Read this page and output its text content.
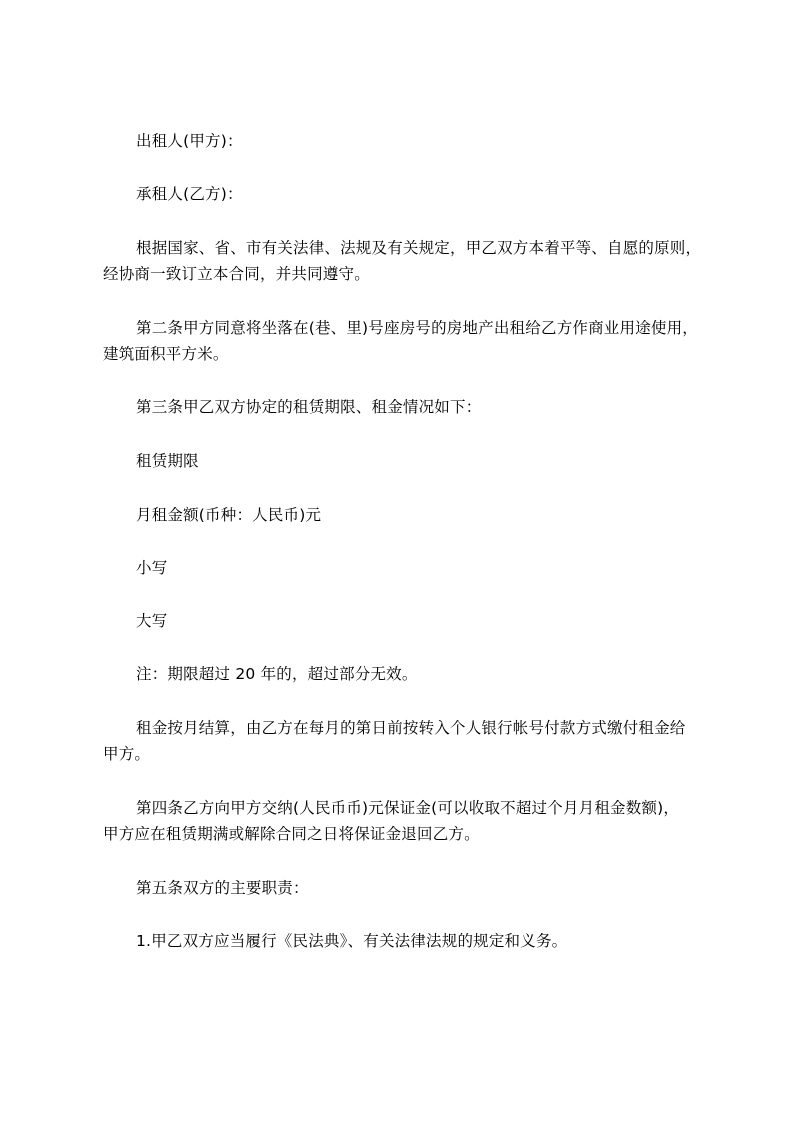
出租人(甲方)：
承租人(乙方)：
根据国家、省、市有关法律、法规及有关规定，甲乙双方本着平等、自愿的原则，
经协商一致订立本合同，并共同遵守。
第二条甲方同意将坐落在(巷、里)号座房号的房地产出租给乙方作商业用途使用，
建筑面积平方米。
第三条甲乙双方协定的租赁期限、租金情况如下：
租赁期限
月租金额(币种：人民币)元
小写
大写
注：期限超过 20 年的，超过部分无效。
租金按月结算，由乙方在每月的第日前按转入个人银行帐号付款方式缴付租金给
甲方。
第四条乙方向甲方交纳(人民币币)元保证金(可以收取不超过个月月租金数额)，
甲方应在租赁期满或解除合同之日将保证金退回乙方。
第五条双方的主要职责：
1.甲乙双方应当履行《民法典》、有关法律法规的规定和义务。
